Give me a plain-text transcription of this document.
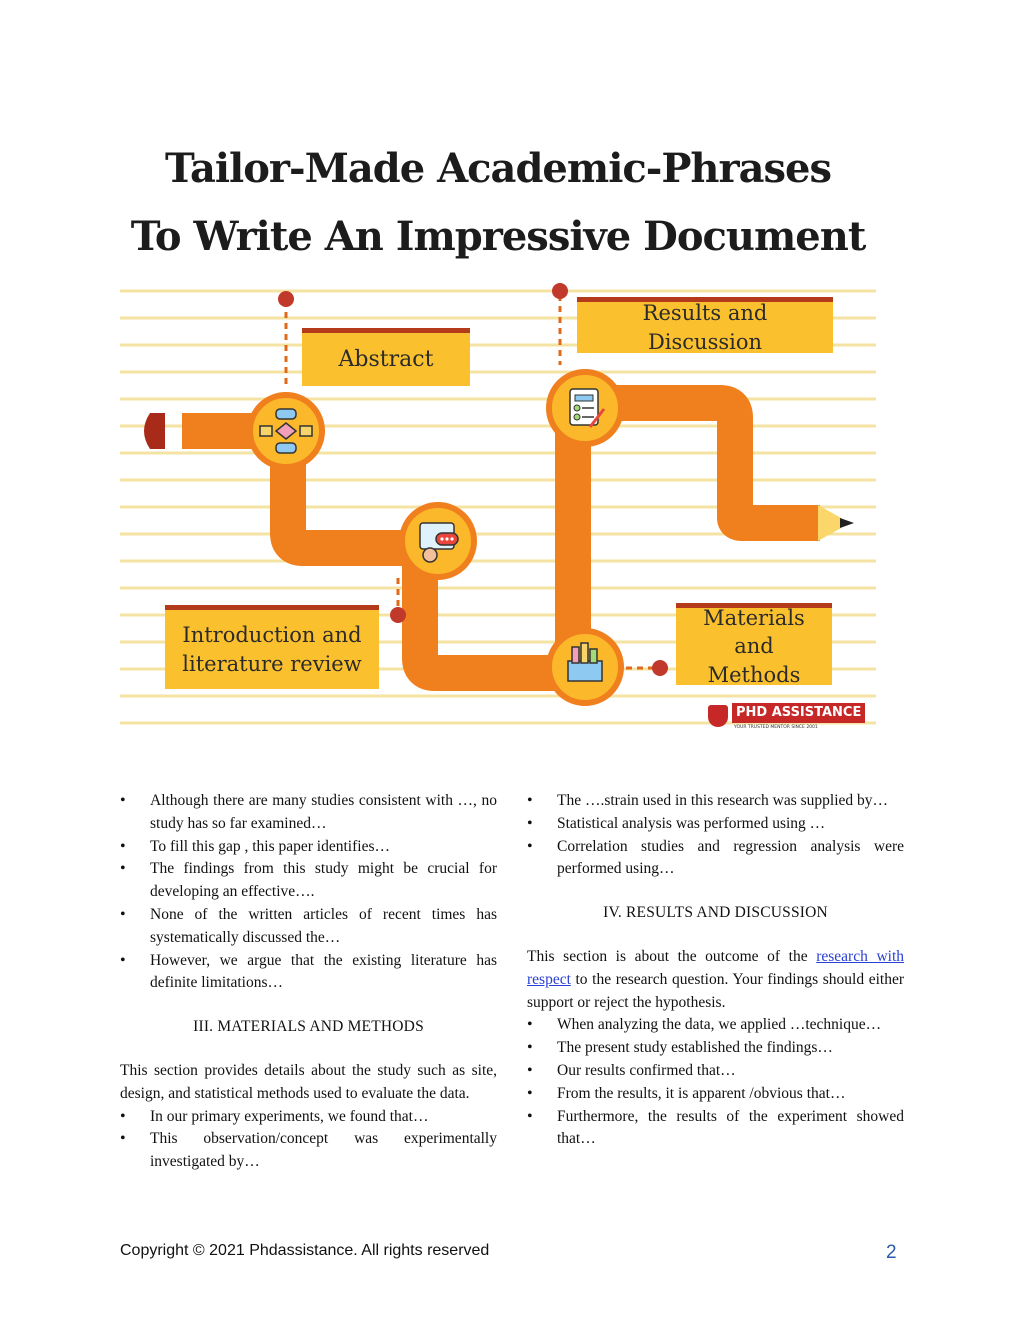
Tailor-Made Academic-Phrases
To Write An Impressive Document
Abstract
Results and Discussion
Introduction and
literature review
Materials and
Methods
PHD ASSISTANCE
YOUR TRUSTED MENTOR SINCE 2001
• Although there are many studies consistent with …, no study has so far examined…
• To fill this gap , this paper identifies…
• The findings from this study might be crucial for developing an effective….
• None of the written articles of recent times has systematically discussed the…
• However, we argue that the existing literature has definite limitations…
III. MATERIALS AND METHODS

This section provides details about the study such as site, design, and statistical methods used to evaluate the data.

• In our primary experiments, we found that…
• This observation/concept was experimentally investigated by…
• The ….strain used in this research was supplied by…
• Statistical analysis was performed using …
• Correlation studies and regression analysis were performed using…
IV. RESULTS AND DISCUSSION

This section is about the outcome of the research with respect to the research question. Your findings should either support or reject the hypothesis.

• When analyzing the data, we applied …technique…
• The present study established the findings…
• Our results confirmed that…
• From the results, it is apparent /obvious that…
• Furthermore, the results of the experiment showed that…
Copyright © 2021 Phdassistance. All rights reserved	2
